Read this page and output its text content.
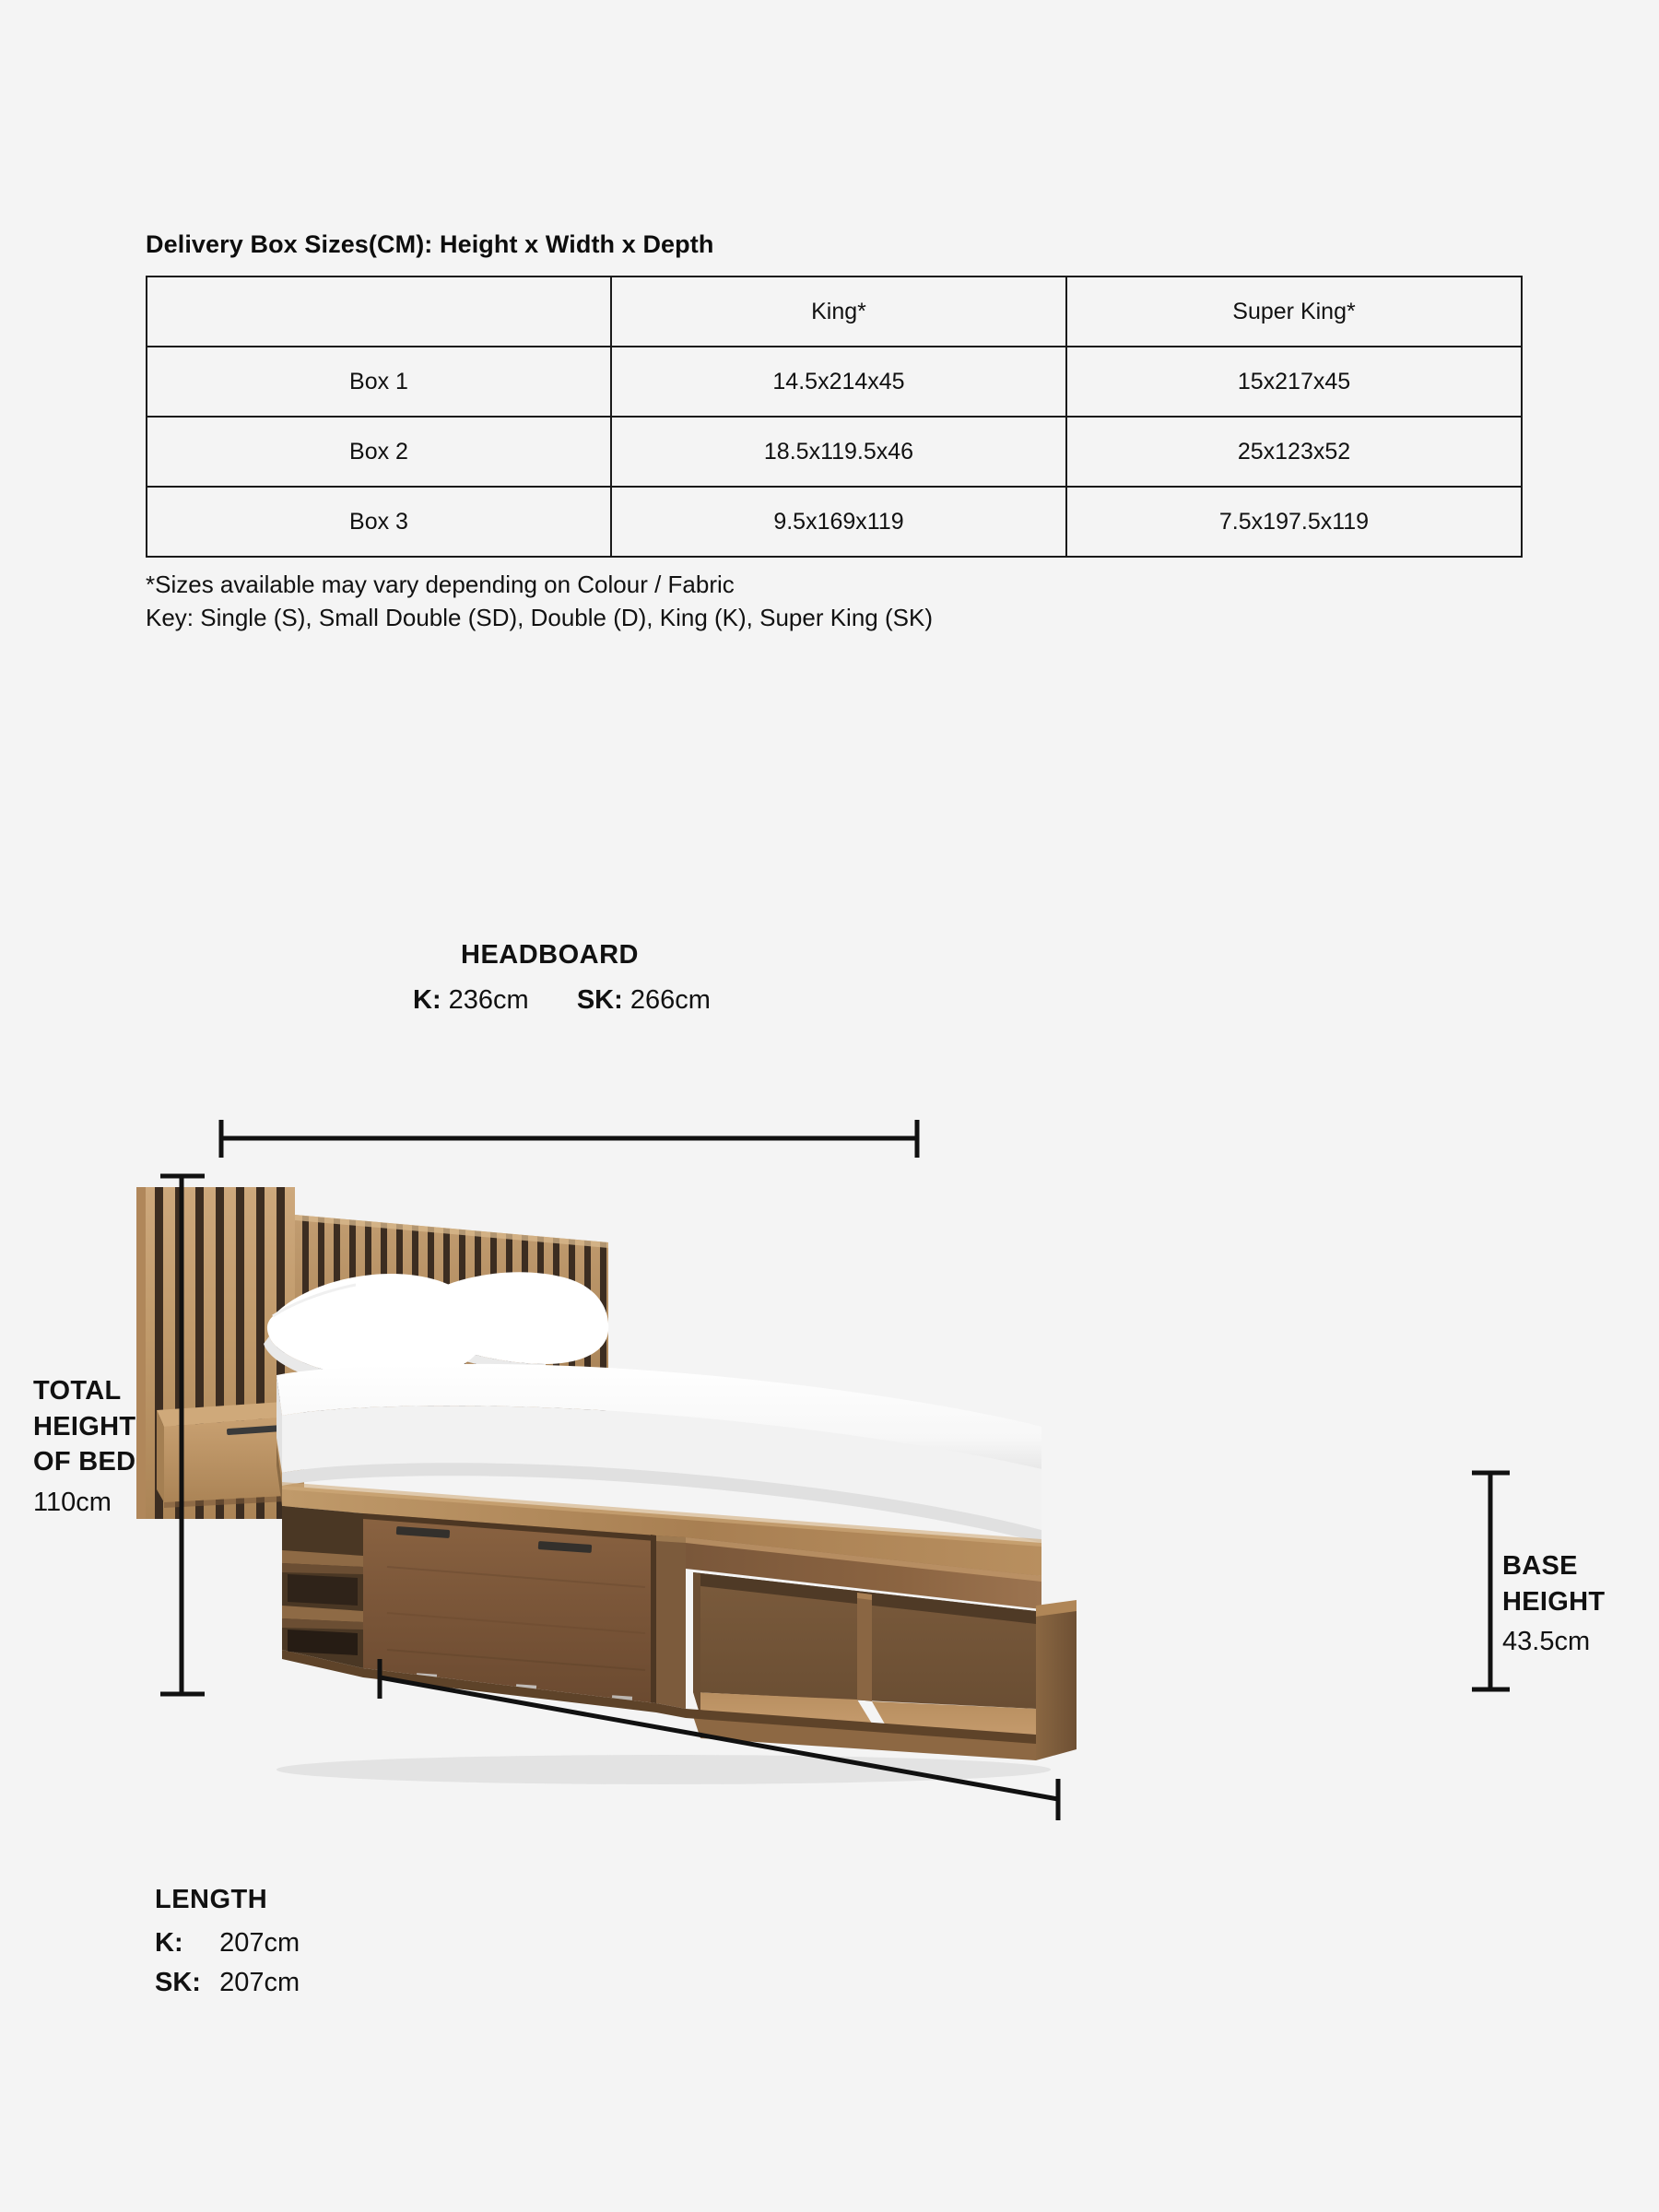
Delivery Box Sizes(CM): Height x Width x Depth
	King*	Super King*
Box 1	14.5x214x45	15x217x45
Box 2	18.5x119.5x46	25x123x52
Box 3	9.5x169x119	7.5x197.5x119
*Sizes available may vary depending on Colour / Fabric
Key: Single (S), Small Double (SD), Double (D), King (K), Super King (SK)
HEADBOARD
K: 236cm SK: 266cm
TOTAL
HEIGHT
OF BED
110cm
BASE
HEIGHT
43.5cm
LENGTH
K: 207cm
SK: 207cm
